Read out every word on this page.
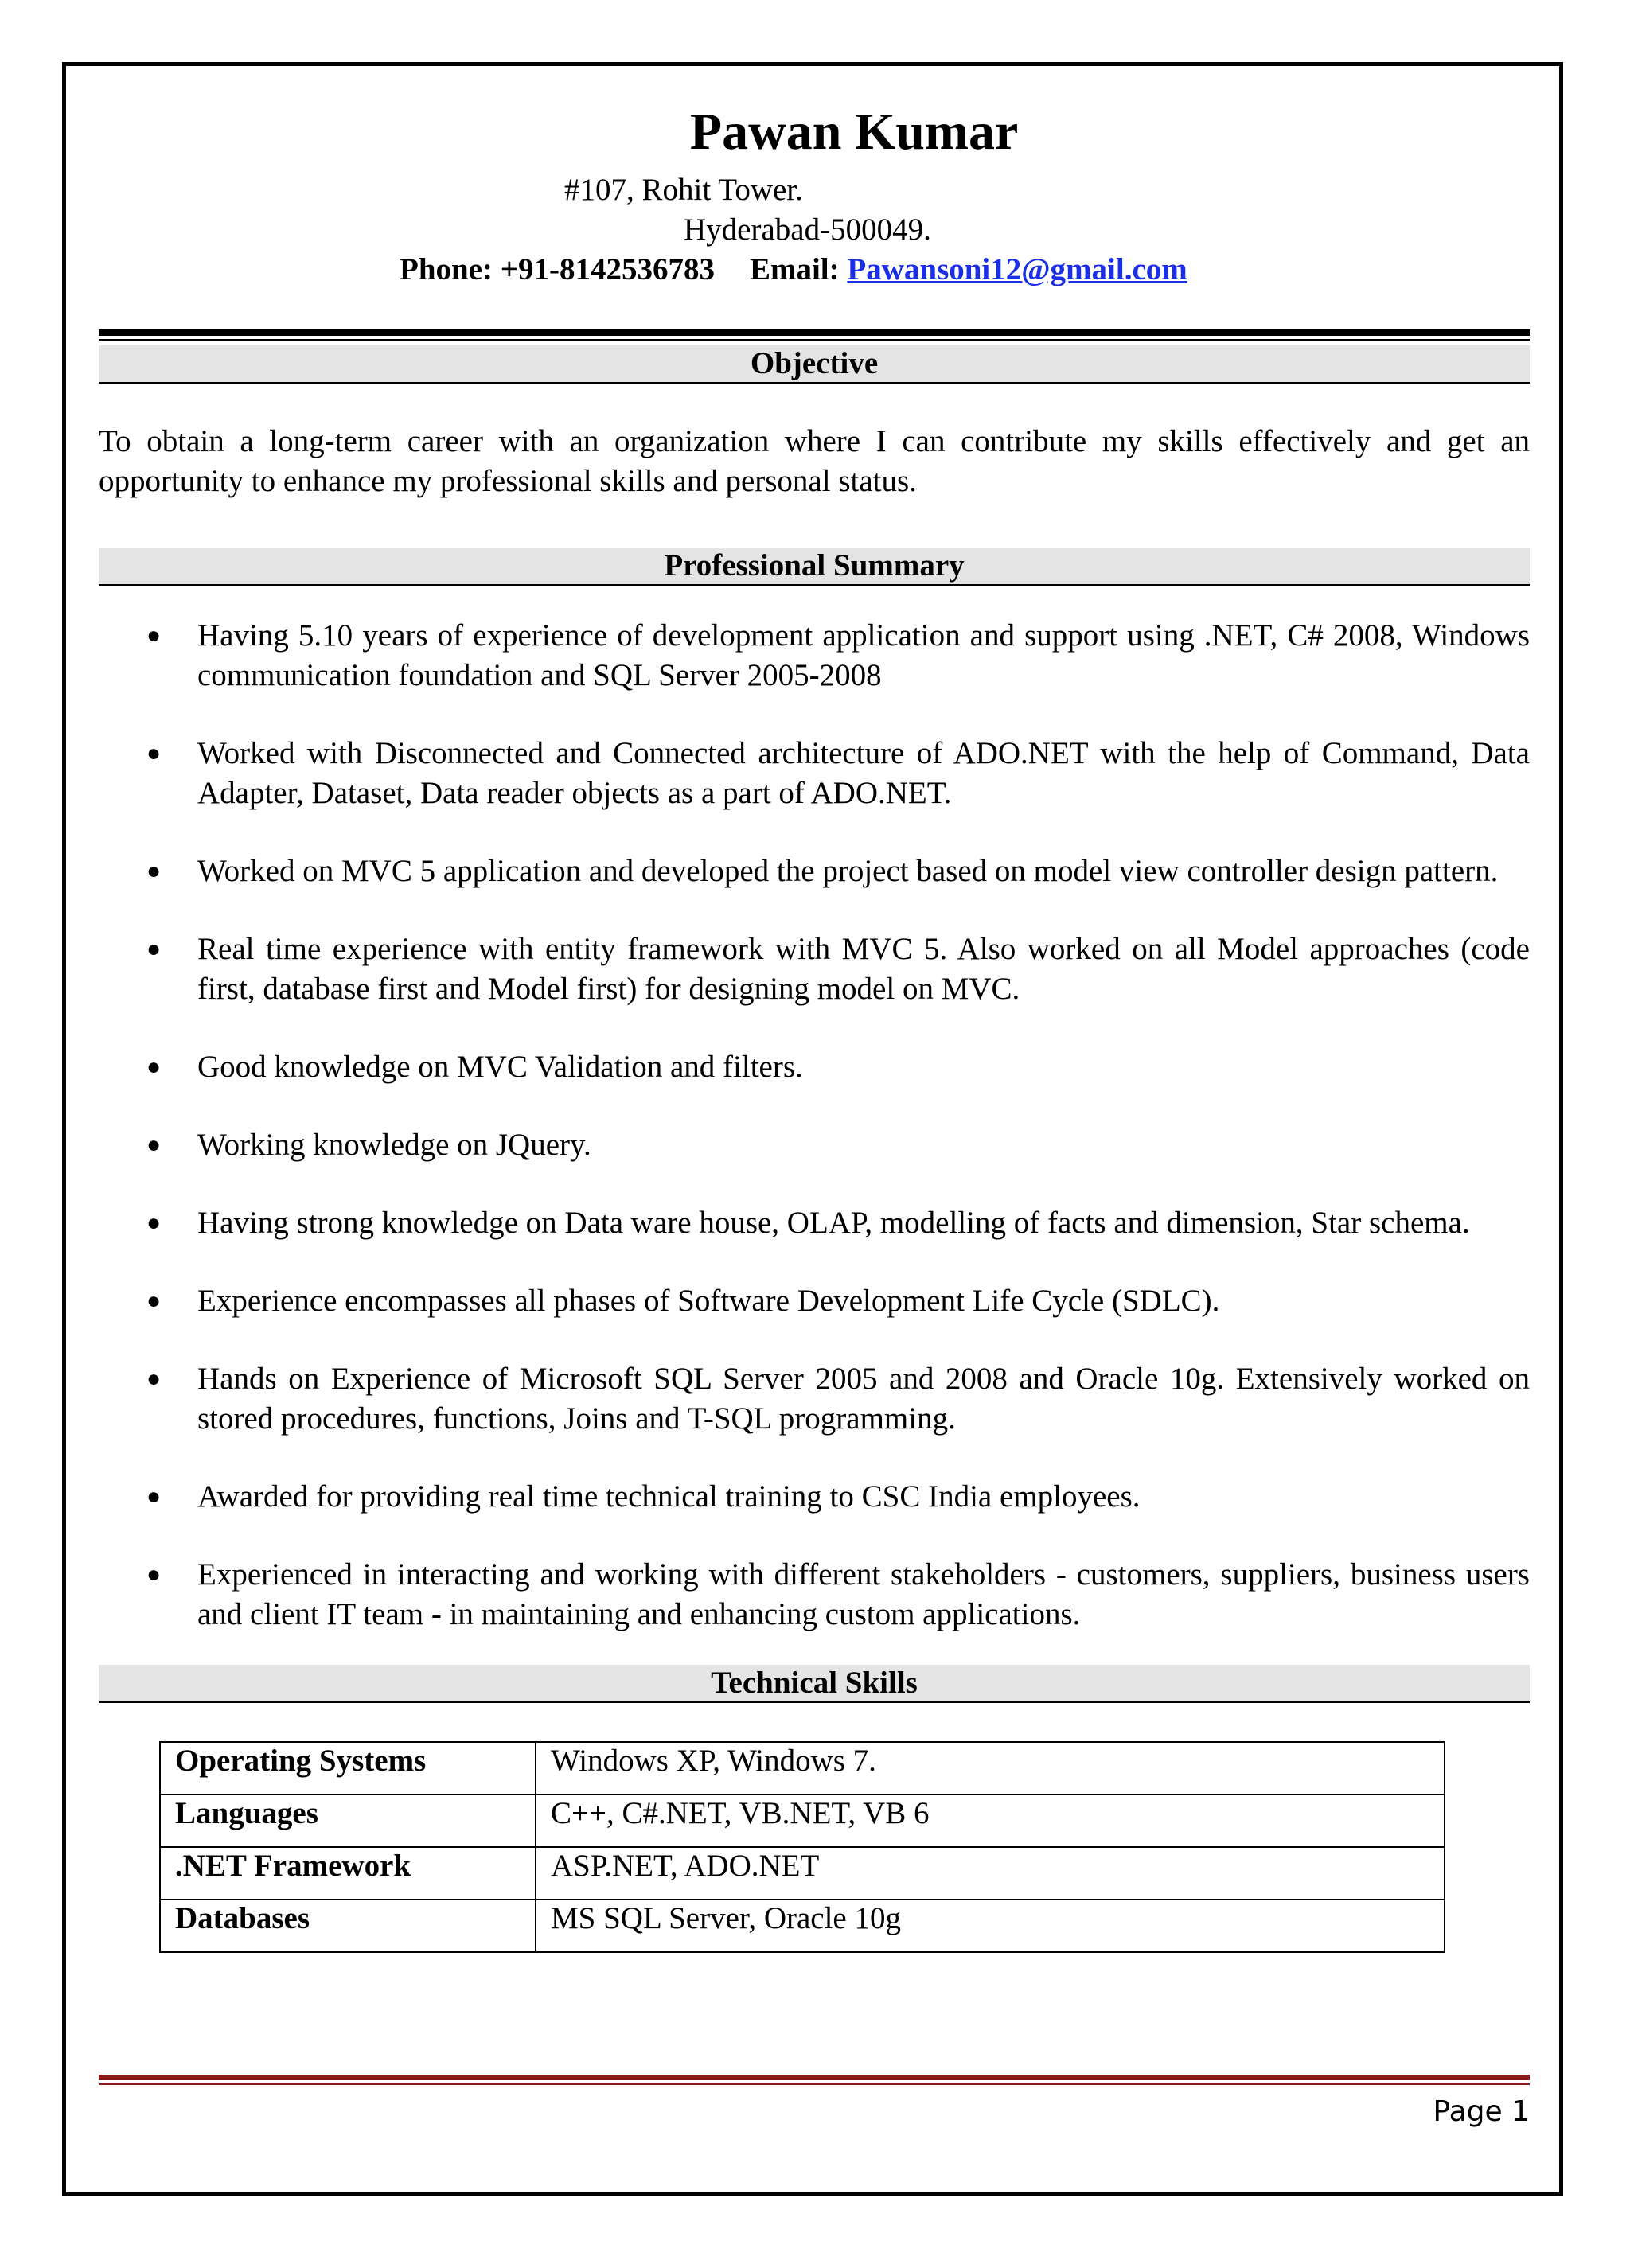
Pawan Kumar
#107, Rohit Tower.
Hyderabad-500049.
Phone: +91-8142536783 Email: Pawansoni12@gmail.com
Objective

To obtain a long-term career with an organization where I can contribute my skills effectively and get an opportunity to enhance my professional skills and personal status.

Professional Summary
● Having 5.10 years of experience of development application and support using .NET, C# 2008, Windows communication foundation and SQL Server 2005-2008
● Worked with Disconnected and Connected architecture of ADO.NET with the help of Command, Data Adapter, Dataset, Data reader objects as a part of ADO.NET.
● Worked on MVC 5 application and developed the project based on model view controller design pattern.
● Real time experience with entity framework with MVC 5. Also worked on all Model approaches (code first, database first and Model first) for designing model on MVC.
● Good knowledge on MVC Validation and filters.
● Working knowledge on JQuery.
● Having strong knowledge on Data ware house, OLAP, modelling of facts and dimension, Star schema.
● Experience encompasses all phases of Software Development Life Cycle (SDLC).
● Hands on Experience of Microsoft SQL Server 2005 and 2008 and Oracle 10g. Extensively worked on stored procedures, functions, Joins and T-SQL programming.
● Awarded for providing real time technical training to CSC India employees.
● Experienced in interacting and working with different stakeholders - customers, suppliers, business users and client IT team - in maintaining and enhancing custom applications.
Technical Skills
Operating Systems	Windows XP, Windows 7.
Languages	C++, C#.NET, VB.NET, VB 6
.NET Framework	ASP.NET, ADO.NET
Databases	MS SQL Server, Oracle 10g
Page 1
